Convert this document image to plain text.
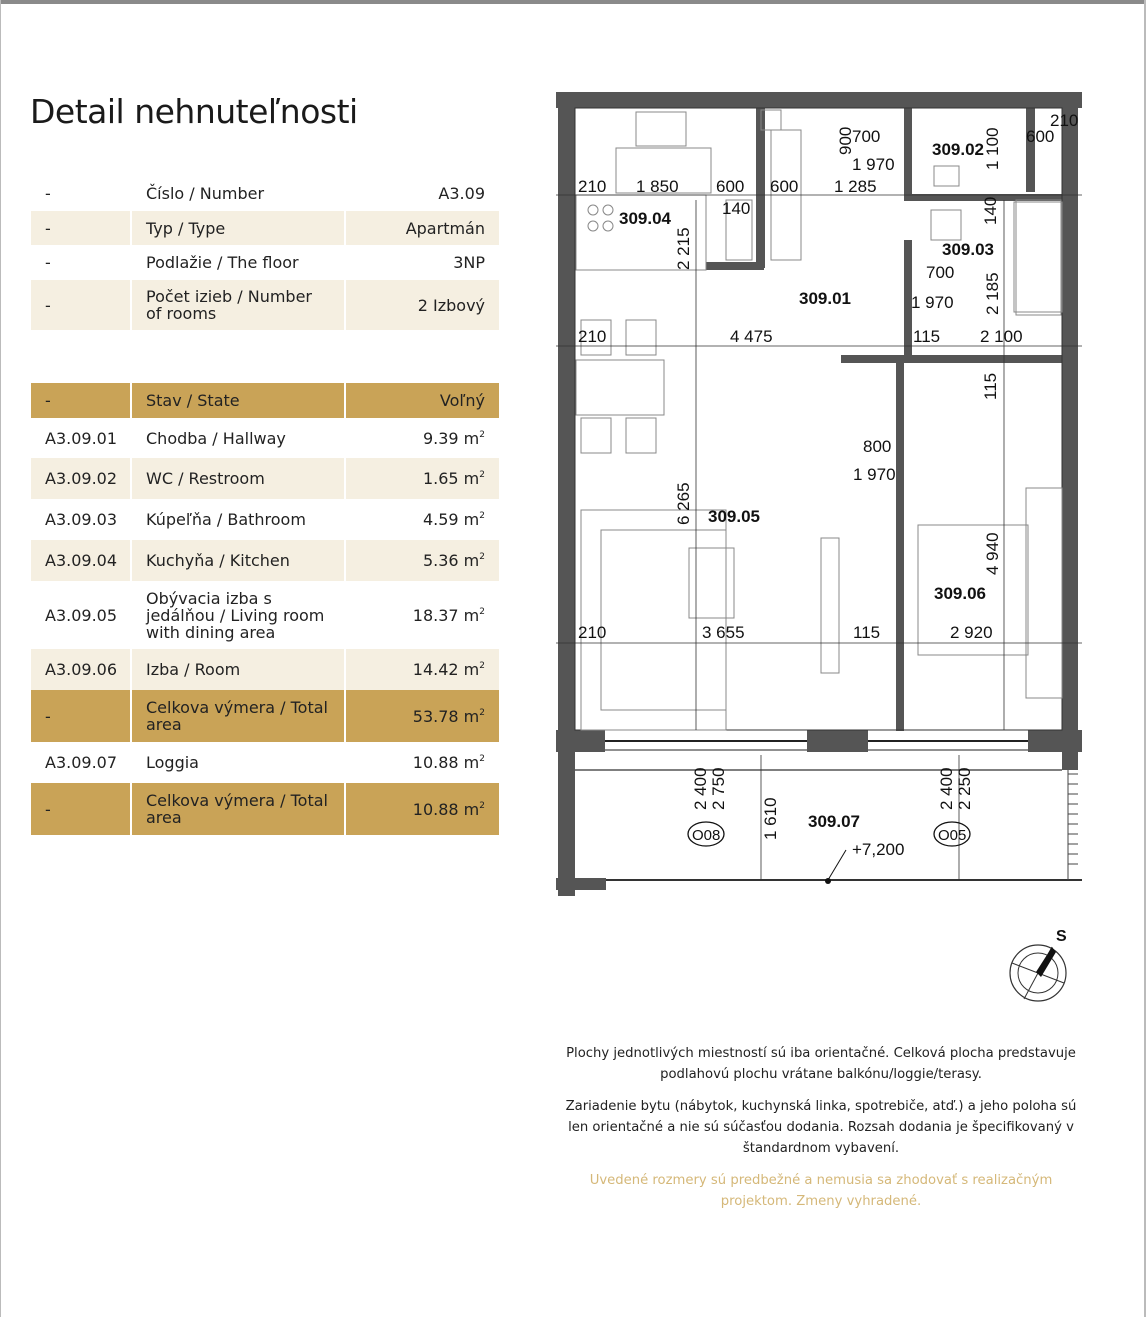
Detail nehnuteľnosti
-	Číslo / Number	A3.09
-	Typ / Type	Apartmán
-	Podlažie / The floor	3NP
-	Počet izieb / Number of rooms	2 Izbový
-	Stav / State	Voľný
A3.09.01	Chodba / Hallway	9.39 $m^2$
A3.09.02	WC / Restroom	1.65 $m^2$
A3.09.03	Kúpeľňa / Bathroom	4.59 $m^2$
A3.09.04	Kuchyňa / Kitchen	5.36 $m^2$
A3.09.05	Obývacia izba s jedálňou / Living room with dining area	18.37 $m^2$
A3.09.06	Izba / Room	14.42 $m^2$
-	Celkova výmera / Total area	53.78 $m^2$
A3.09.07	Loggia	10.88 $m^2$
-	Celkova výmera / Total area	10.88 $m^2$
309.01
309.02
309.03
309.04
309.05
309.06
309.07
210 1 850 600 600 1 285
140
2 215
700
900
1 970	1 100 600
210
140
700
1 970 2 185
210	4 475	115 2 100
115
800
1 970
6 265
4 940
210	3 655	115	2 920
2 750
2 400
1 610
2 250
2 400
O08	O05
+7,200
S

Plochy jednotlivých miestností sú iba orientačné. Celková plocha predstavuje podlahovú plochu vrátane balkónu/loggie/terasy.

Zariadenie bytu (nábytok, kuchynská linka, spotrebiče, atď.) a jeho poloha sú len orientačné a nie sú súčasťou dodania. Rozsah dodania je špecifikovaný v štandardnom vybavení.

Uvedené rozmery sú predbežné a nemusia sa zhodovať s realizačným projektom. Zmeny vyhradené.
